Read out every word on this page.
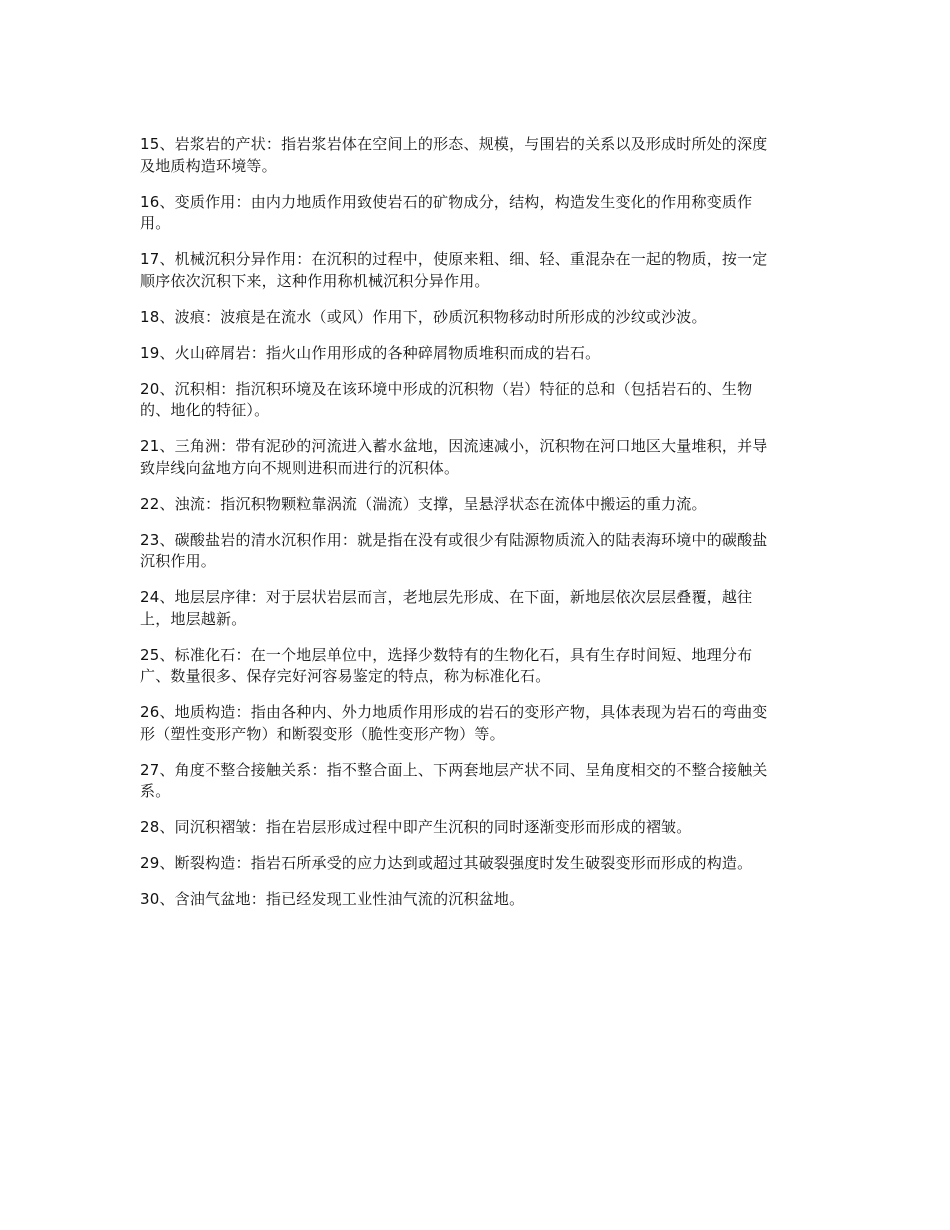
15、岩浆岩的产状：指岩浆岩体在空间上的形态、规模，与围岩的关系以及形成时所处的深度及地质构造环境等。

16、变质作用：由内力地质作用致使岩石的矿物成分，结构，构造发生变化的作用称变质作用。

17、机械沉积分异作用：在沉积的过程中，使原来粗、细、轻、重混杂在一起的物质，按一定顺序依次沉积下来，这种作用称机械沉积分异作用。

18、波痕：波痕是在流水（或风）作用下，砂质沉积物移动时所形成的沙纹或沙波。

19、火山碎屑岩：指火山作用形成的各种碎屑物质堆积而成的岩石。

20、沉积相：指沉积环境及在该环境中形成的沉积物（岩）特征的总和（包括岩石的、生物的、地化的特征）。

21、三角洲：带有泥砂的河流进入蓄水盆地，因流速减小，沉积物在河口地区大量堆积，并导致岸线向盆地方向不规则进积而进行的沉积体。

22、浊流：指沉积物颗粒靠涡流（湍流）支撑，呈悬浮状态在流体中搬运的重力流。

23、碳酸盐岩的清水沉积作用：就是指在没有或很少有陆源物质流入的陆表海环境中的碳酸盐沉积作用。

24、地层层序律：对于层状岩层而言，老地层先形成、在下面，新地层依次层层叠覆，越往上，地层越新。

25、标准化石：在一个地层单位中，选择少数特有的生物化石，具有生存时间短、地理分布广、数量很多、保存完好河容易鉴定的特点，称为标准化石。

26、地质构造：指由各种内、外力地质作用形成的岩石的变形产物，具体表现为岩石的弯曲变形（塑性变形产物）和断裂变形（脆性变形产物）等。

27、角度不整合接触关系：指不整合面上、下两套地层产状不同、呈角度相交的不整合接触关系。

28、同沉积褶皱：指在岩层形成过程中即产生沉积的同时逐渐变形而形成的褶皱。

29、断裂构造：指岩石所承受的应力达到或超过其破裂强度时发生破裂变形而形成的构造。

30、含油气盆地：指已经发现工业性油气流的沉积盆地。
